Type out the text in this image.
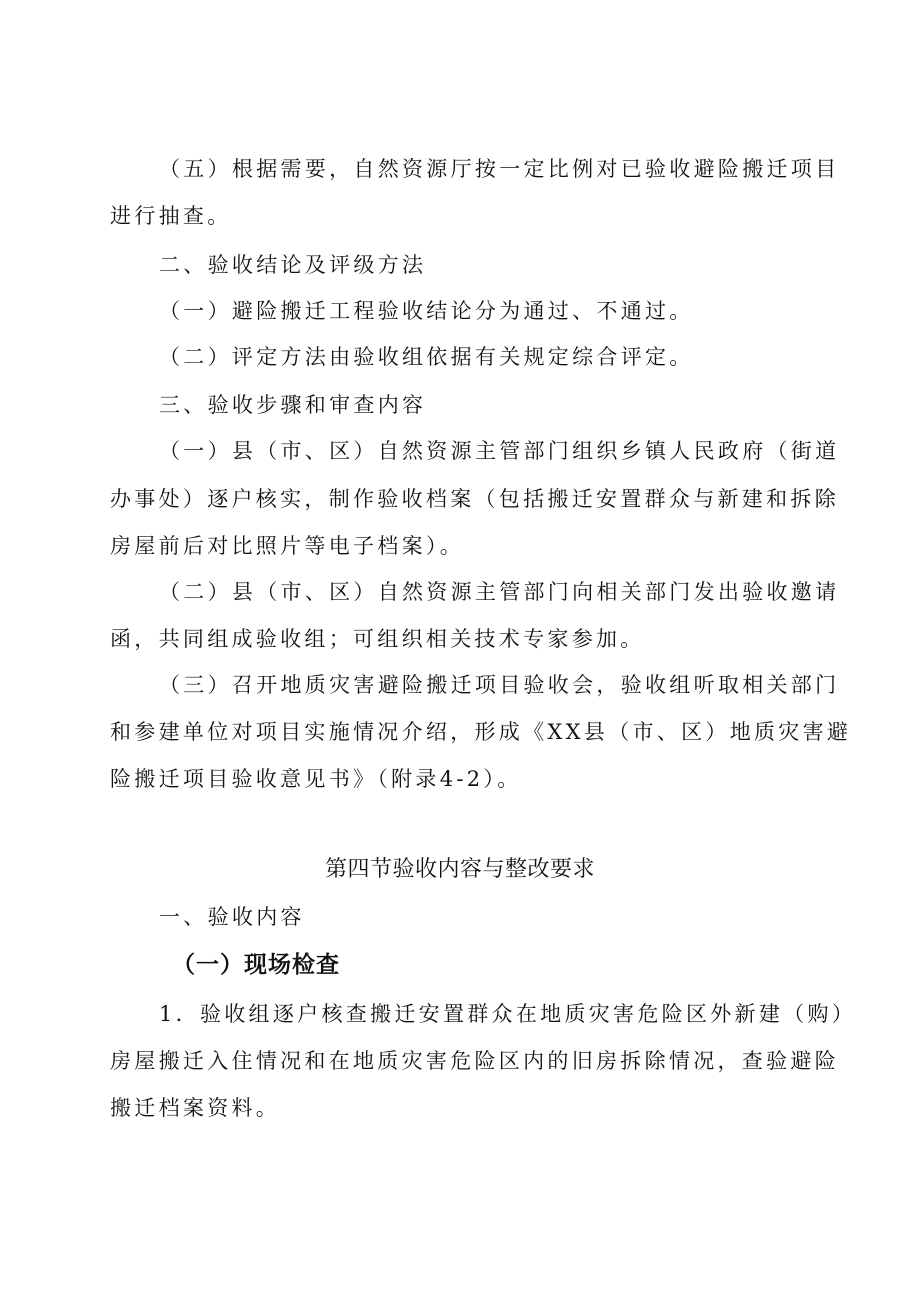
（五）根据需要，自然资源厅按一定比例对已验收避险搬迁项目
进行抽查。
二、验收结论及评级方法
（一）避险搬迁工程验收结论分为通过、不通过。
（二）评定方法由验收组依据有关规定综合评定。
三、验收步骤和审查内容
（一）县（市、区）自然资源主管部门组织乡镇人民政府（街道
办事处）逐户核实，制作验收档案（包括搬迁安置群众与新建和拆除
房屋前后对比照片等电子档案）。
（二）县（市、区）自然资源主管部门向相关部门发出验收邀请
函，共同组成验收组；可组织相关技术专家参加。
（三）召开地质灾害避险搬迁项目验收会，验收组听取相关部门
和参建单位对项目实施情况介绍，形成《XX县（市、区）地质灾害避
险搬迁项目验收意见书》（附录4-2）。
第四节验收内容与整改要求
一、验收内容
（一）现场检查
1．验收组逐户核查搬迁安置群众在地质灾害危险区外新建（购）
房屋搬迁入住情况和在地质灾害危险区内的旧房拆除情况，查验避险
搬迁档案资料。
